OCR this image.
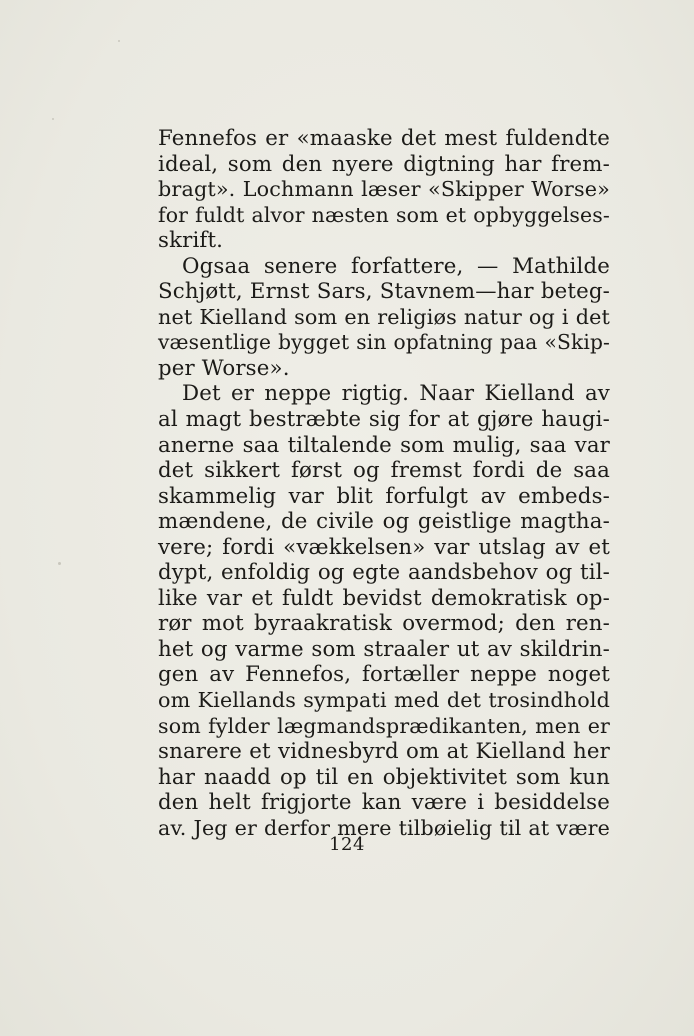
Fennefos er «maaske det mest fuldendte
ideal, som den nyere digtning har frem-
bragt». Lochmann læser «Skipper Worse»
for fuldt alvor næsten som et opbyggelses-
skrift.
Ogsaa senere forfattere, — Mathilde
Schjøtt, Ernst Sars, Stavnem—har beteg-
net Kielland som en religiøs natur og i det
væsentlige bygget sin opfatning paa «Skip-
per Worse».
Det er neppe rigtig. Naar Kielland av
al magt bestræbte sig for at gjøre haugi-
anerne saa tiltalende som mulig, saa var
det sikkert først og fremst fordi de saa
skammelig var blit forfulgt av embeds-
mændene, de civile og geistlige magtha-
vere; fordi «vækkelsen» var utslag av et
dypt, enfoldig og egte aandsbehov og til-
like var et fuldt bevidst demokratisk op-
rør mot byraakratisk overmod; den ren-
het og varme som straaler ut av skildrin-
gen av Fennefos, fortæller neppe noget
om Kiellands sympati med det trosindhold
som fylder lægmandsprædikanten, men er
snarere et vidnesbyrd om at Kielland her
har naadd op til en objektivitet som kun
den helt frigjorte kan være i besiddelse
av. Jeg er derfor mere tilbøielig til at være
124
